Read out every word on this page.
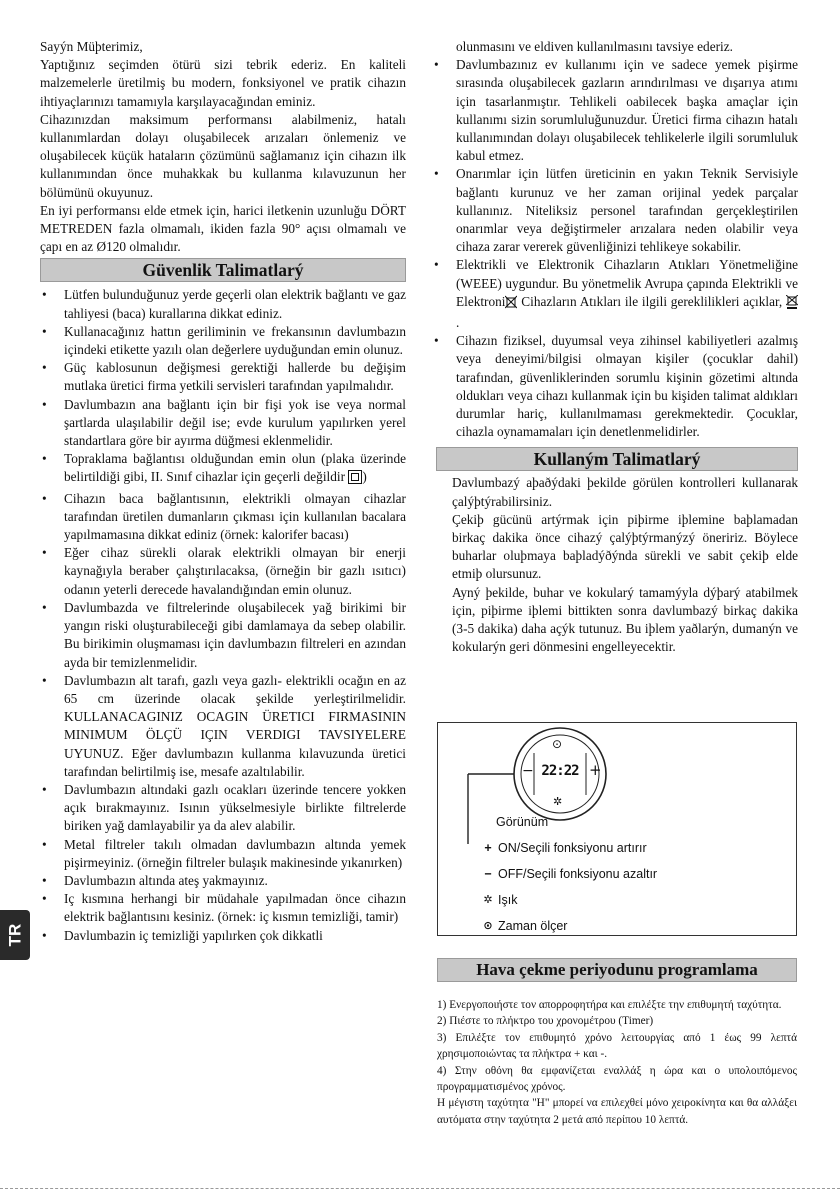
Sayýn Müþterimiz,

Yaptığınız seçimden ötürü sizi tebrik ederiz. En kaliteli malzemelerle üretilmiş bu modern, fonksiyonel ve pratik cihazın ihtiyaçlarınızı tamamıyla karşılayacağından eminiz.

Cihazınızdan maksimum performansı alabilmeniz, hatalı kullanımlardan dolayı oluşabilecek arızaları önlemeniz ve oluşabilecek küçük hataların çözümünü sağlamanız için cihazın ilk kullanımından önce muhakkak bu kullanma kılavuzunun her bölümünü okuyunuz.

En iyi performansı elde etmek için, harici iletkenin uzunluğu DÖRT METREDEN fazla olmamalı, ikiden fazla 90° açısı olmamalı ve çapı en az Ø120 olmalıdır.

Güvenlik Talimatlarý
• Lütfen bulunduğunuz yerde geçerli olan elektrik bağlantı ve gaz tahliyesi (baca) kurallarına dikkat ediniz.
• Kullanacağınız hattın geriliminin ve frekansının davlumbazın içindeki etikette yazılı olan değerlere uyduğundan emin olunuz.
• Güç kablosunun değişmesi gerektiği hallerde bu değişim mutlaka üretici firma yetkili servisleri tarafından yapılmalıdır.
• Davlumbazın ana bağlantı için bir fişi yok ise veya normal şartlarda ulaşılabilir değil ise; evde kurulum yapılırken yerel standartlara göre bir ayırma düğmesi eklenmelidir.
• Topraklama bağlantısı olduğundan emin olun (plaka üzerinde belirtildiği gibi, II. Sınıf cihazlar için geçerli değildir )
• Cihazın baca bağlantısının, elektrikli olmayan cihazlar tarafından üretilen dumanların çıkması için kullanılan bacalara yapılmamasına dikkat ediniz (örnek: kalorifer bacası)
• Eğer cihaz sürekli olarak elektrikli olmayan bir enerji kaynağıyla beraber çalıştırılacaksa, (örneğin bir gazlı ısıtıcı) odanın yeterli derecede havalandığından emin olunuz.
• Davlumbazda ve filtrelerinde oluşabilecek yağ birikimi bir yangın riski oluşturabileceği gibi damlamaya da sebep olabilir. Bu birikimin oluşmaması için davlumbazın filtreleri en azından ayda bir temizlenmelidir.
• Davlumbazın alt tarafı, gazlı veya gazlı- elektrikli ocağın en az 65 cm üzerinde olacak şekilde yerleştirilmelidir. KULLANACAGINIZ OCAGIN ÜRETICI FIRMASININ MINIMUM ÖLÇÜ IÇIN VERDIGI TAVSIYELERE UYUNUZ. Eğer davlumbazın kullanma kılavuzunda üretici tarafından belirtilmiş ise, mesafe azaltılabilir.
• Davlumbazın altındaki gazlı ocakları üzerinde tencere yokken açık bırakmayınız. Isının yükselmesiyle birlikte filtrelerde biriken yağ damlayabilir ya da alev alabilir.
• Metal filtreler takılı olmadan davlumbazın altında yemek pişirmeyiniz. (örneğin filtreler bulaşık makinesinde yıkanırken)
• Davlumbazın altında ateş yakmayınız.
• Iç kısmına herhangi bir müdahale yapılmadan önce cihazın elektrik bağlantısını kesiniz. (örnek: iç kısmın temizliği, tamir)
• Davlumbazin iç temizliği yapılırken çok dikkatli

olunmasını ve eldiven kullanılmasını tavsiye ederiz.

• Davlumbazınız ev kullanımı için ve sadece yemek pişirme sırasında oluşabilecek gazların arındırılması ve dışarıya atımı için tasarlanmıştır. Tehlikeli oabilecek başka amaçlar için kullanımı sizin sorumluluğunuzdur. Üretici firma cihazın hatalı kullanımından dolayı oluşabilecek tehlikelerle ilgili sorumluluk kabul etmez.
• Onarımlar için lütfen üreticinin en yakın Teknik Servisiyle bağlantı kurunuz ve her zaman orijinal yedek parçalar kullanınız. Niteliksiz personel tarafından gerçekleştirilen onarımlar veya değiştirmeler arızalara neden olabilir veya cihaza zarar vererek güvenliğinizi tehlikeye sokabilir.
• Elektrikli ve Elektronik Cihazların Atıkları Yönetmeliğine (WEEE) uygundur. Bu yönetmelik Avrupa çapında Elektrikli ve Elektroni Cihazların Atıkları ile ilgili gereklilikleri açıklar, .
• Cihazın fiziksel, duyumsal veya zihinsel kabiliyetleri azalmış veya deneyimi/bilgisi olmayan kişiler (çocuklar dahil) tarafından, güvenliklerinden sorumlu kişinin gözetimi altında oldukları veya cihazı kullanmak için bu kişiden talimat aldıkları durumlar hariç, kullanılmaması gerekmektedir. Çocuklar, cihazla oynamamaları için denetlenmelidirler.
Kullaným Talimatlarý

Davlumbazý aþaðýdaki þekilde görülen kontrolleri kullanarak çalýþtýrabilirsiniz.

Çekiþ gücünü artýrmak için piþirme iþlemine baþlamadan birkaç dakika önce cihazý çalýþtýrmanýzý öneririz. Böylece buharlar oluþmaya baþladýðýnda sürekli ve sabit çekiþ elde etmiþ olursunuz.

Ayný þekilde, buhar ve kokularý tamamýyla dýþarý atabilmek için, piþirme iþlemi bittikten sonra davlumbazý birkaç dakika (3-5 dakika) daha açýk tutunuz. Bu iþlem yaðlarýn, dumanýn ve kokularýn geri dönmesini engelleyecektir.

⊙
22:22
−	+
✲
Görünüm
+ ON/Seçili fonksiyonu artırır
− OFF/Seçili fonksiyonu azaltır
✲ Işık
⊙ Zaman ölçer
Hava çekme periyodunu programlama

1) Ενεργοποιήστε τον απορροφητήρα και επιλέξτε την επιθυμητή ταχύτητα.

2) Πιέστε το πλήκτρο του χρονομέτρου (Timer)

3) Επιλέξτε τον επιθυμητό χρόνο λειτουργίας από 1 έως 99 λεπτά χρησιμοποιώντας τα πλήκτρα + και -.

4) Στην οθόνη θα εμφανίζεται εναλλάξ η ώρα και ο υπολοιπόμενος προγραμματισμένος χρόνος.

Η μέγιστη ταχύτητα "H" μπορεί να επιλεχθεί μόνο χειροκίνητα και θα αλλάξει αυτόματα στην ταχύτητα 2 μετά από περίπου 10 λεπτά.

TR
